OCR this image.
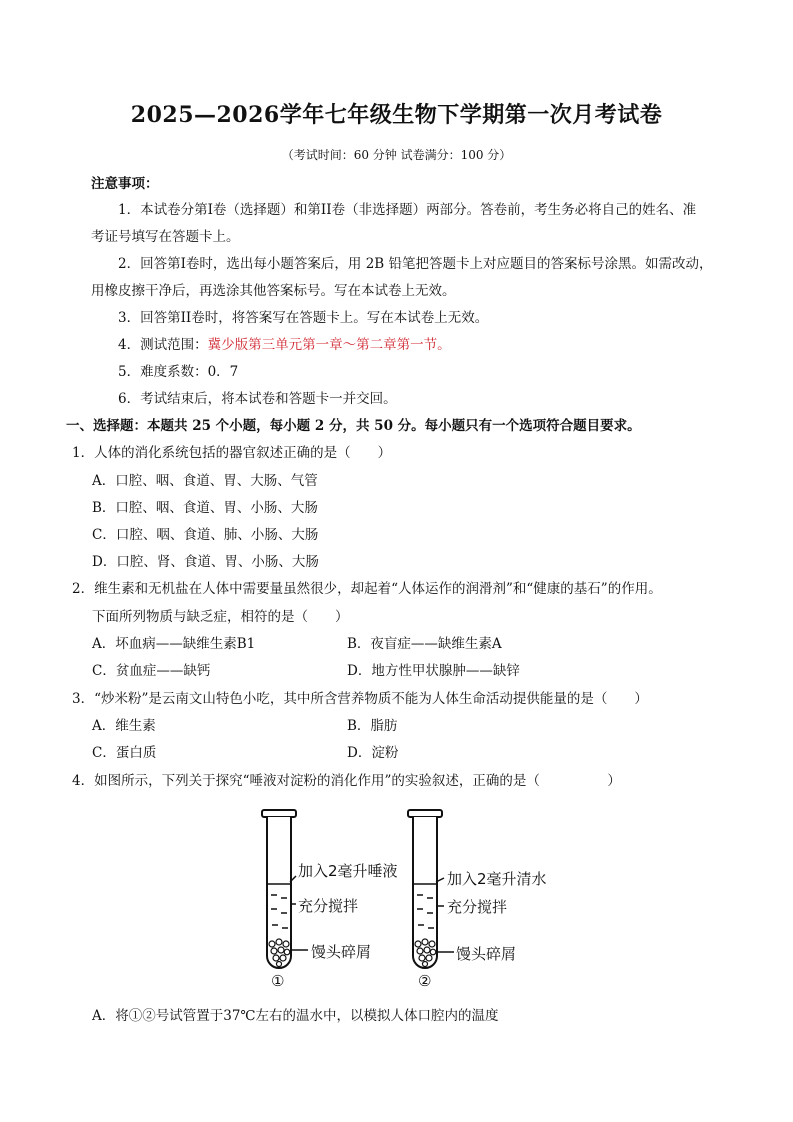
2025—2026学年七年级生物下学期第一次月考试卷
（考试时间：60 分钟 试卷满分：100 分）
注意事项：
1．本试卷分第I卷（选择题）和第II卷（非选择题）两部分。答卷前，考生务必将自己的姓名、准
考证号填写在答题卡上。
2．回答第I卷时，选出每小题答案后，用 2B 铅笔把答题卡上对应题目的答案标号涂黑。如需改动，
用橡皮擦干净后，再选涂其他答案标号。写在本试卷上无效。
3．回答第II卷时，将答案写在答题卡上。写在本试卷上无效。
4．测试范围：冀少版第三单元第一章～第二章第一节。
5．难度系数：0．7
6．考试结束后，将本试卷和答题卡一并交回。
一、选择题：本题共 25 个小题，每小题 2 分，共 50 分。每小题只有一个选项符合题目要求。
1．人体的消化系统包括的器官叙述正确的是（　　）
A．口腔、咽、食道、胃、大肠、气管
B．口腔、咽、食道、胃、小肠、大肠
C．口腔、咽、食道、肺、小肠、大肠
D．口腔、肾、食道、胃、小肠、大肠
2．维生素和无机盐在人体中需要量虽然很少，却起着“人体运作的润滑剂”和“健康的基石”的作用。
下面所列物质与缺乏症，相符的是（　　）
A．坏血病——缺维生素B1	B．夜盲症——缺维生素A
C．贫血症——缺钙	D．地方性甲状腺肿——缺锌
3．“炒米粉”是云南文山特色小吃，其中所含营养物质不能为人体生命活动提供能量的是（　　）
A．维生素	B．脂肪
C．蛋白质	D．淀粉
4．如图所示，下列关于探究“唾液对淀粉的消化作用”的实验叙述，正确的是（　　　　　）
加入2毫升唾液
充分搅拌
馒头碎屑
①
加入2毫升清水
充分搅拌
馒头碎屑
②
A．将①②号试管置于37℃左右的温水中，以模拟人体口腔内的温度
